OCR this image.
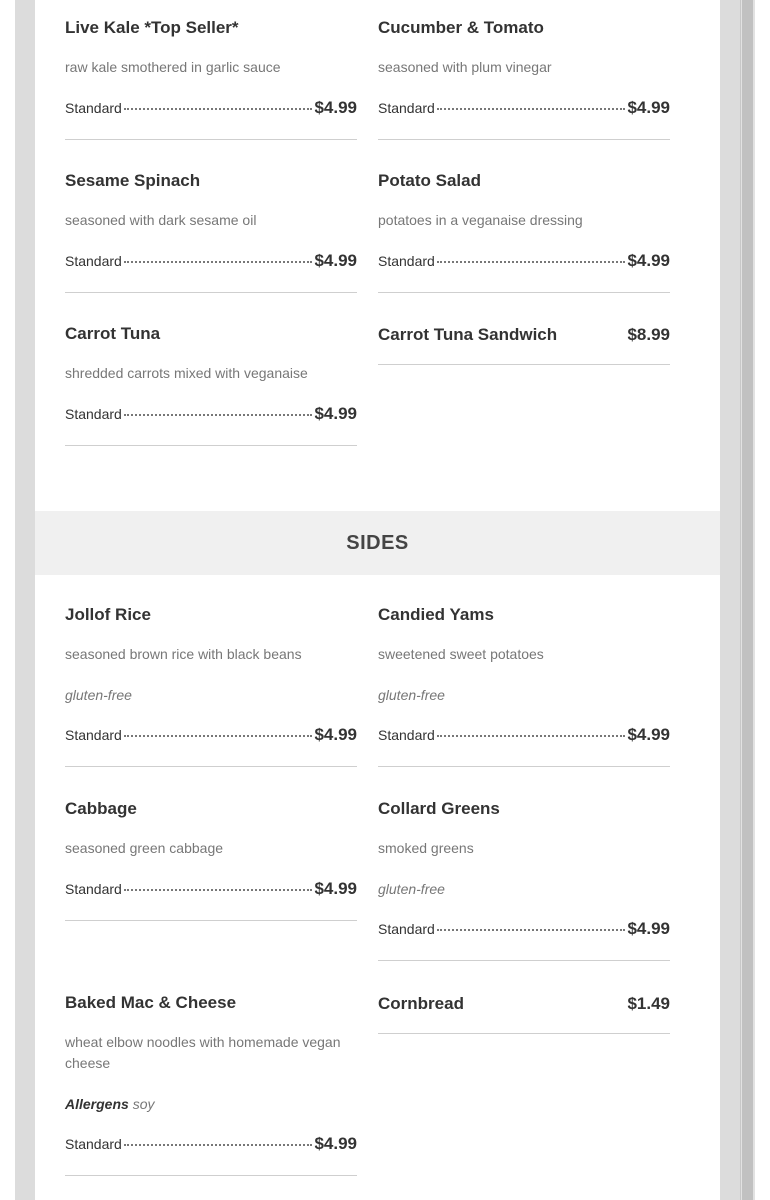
Live Kale *Top Seller*
raw kale smothered in garlic sauce
Standard	$4.99
Cucumber & Tomato
seasoned with plum vinegar
Standard	$4.99
Sesame Spinach
seasoned with dark sesame oil
Standard	$4.99
Potato Salad
potatoes in a veganaise dressing
Standard	$4.99
Carrot Tuna
shredded carrots mixed with veganaise
Standard	$4.99
Carrot Tuna Sandwich	$8.99
SIDES
Jollof Rice
seasoned brown rice with black beans
gluten-free
Standard	$4.99
Candied Yams
sweetened sweet potatoes
gluten-free
Standard	$4.99
Cabbage
seasoned green cabbage
Standard	$4.99
Collard Greens
smoked greens
gluten-free
Standard	$4.99
Baked Mac & Cheese
wheat elbow noodles with homemade vegan cheese
Allergens soy
Standard	$4.99
Cornbread	$1.49
